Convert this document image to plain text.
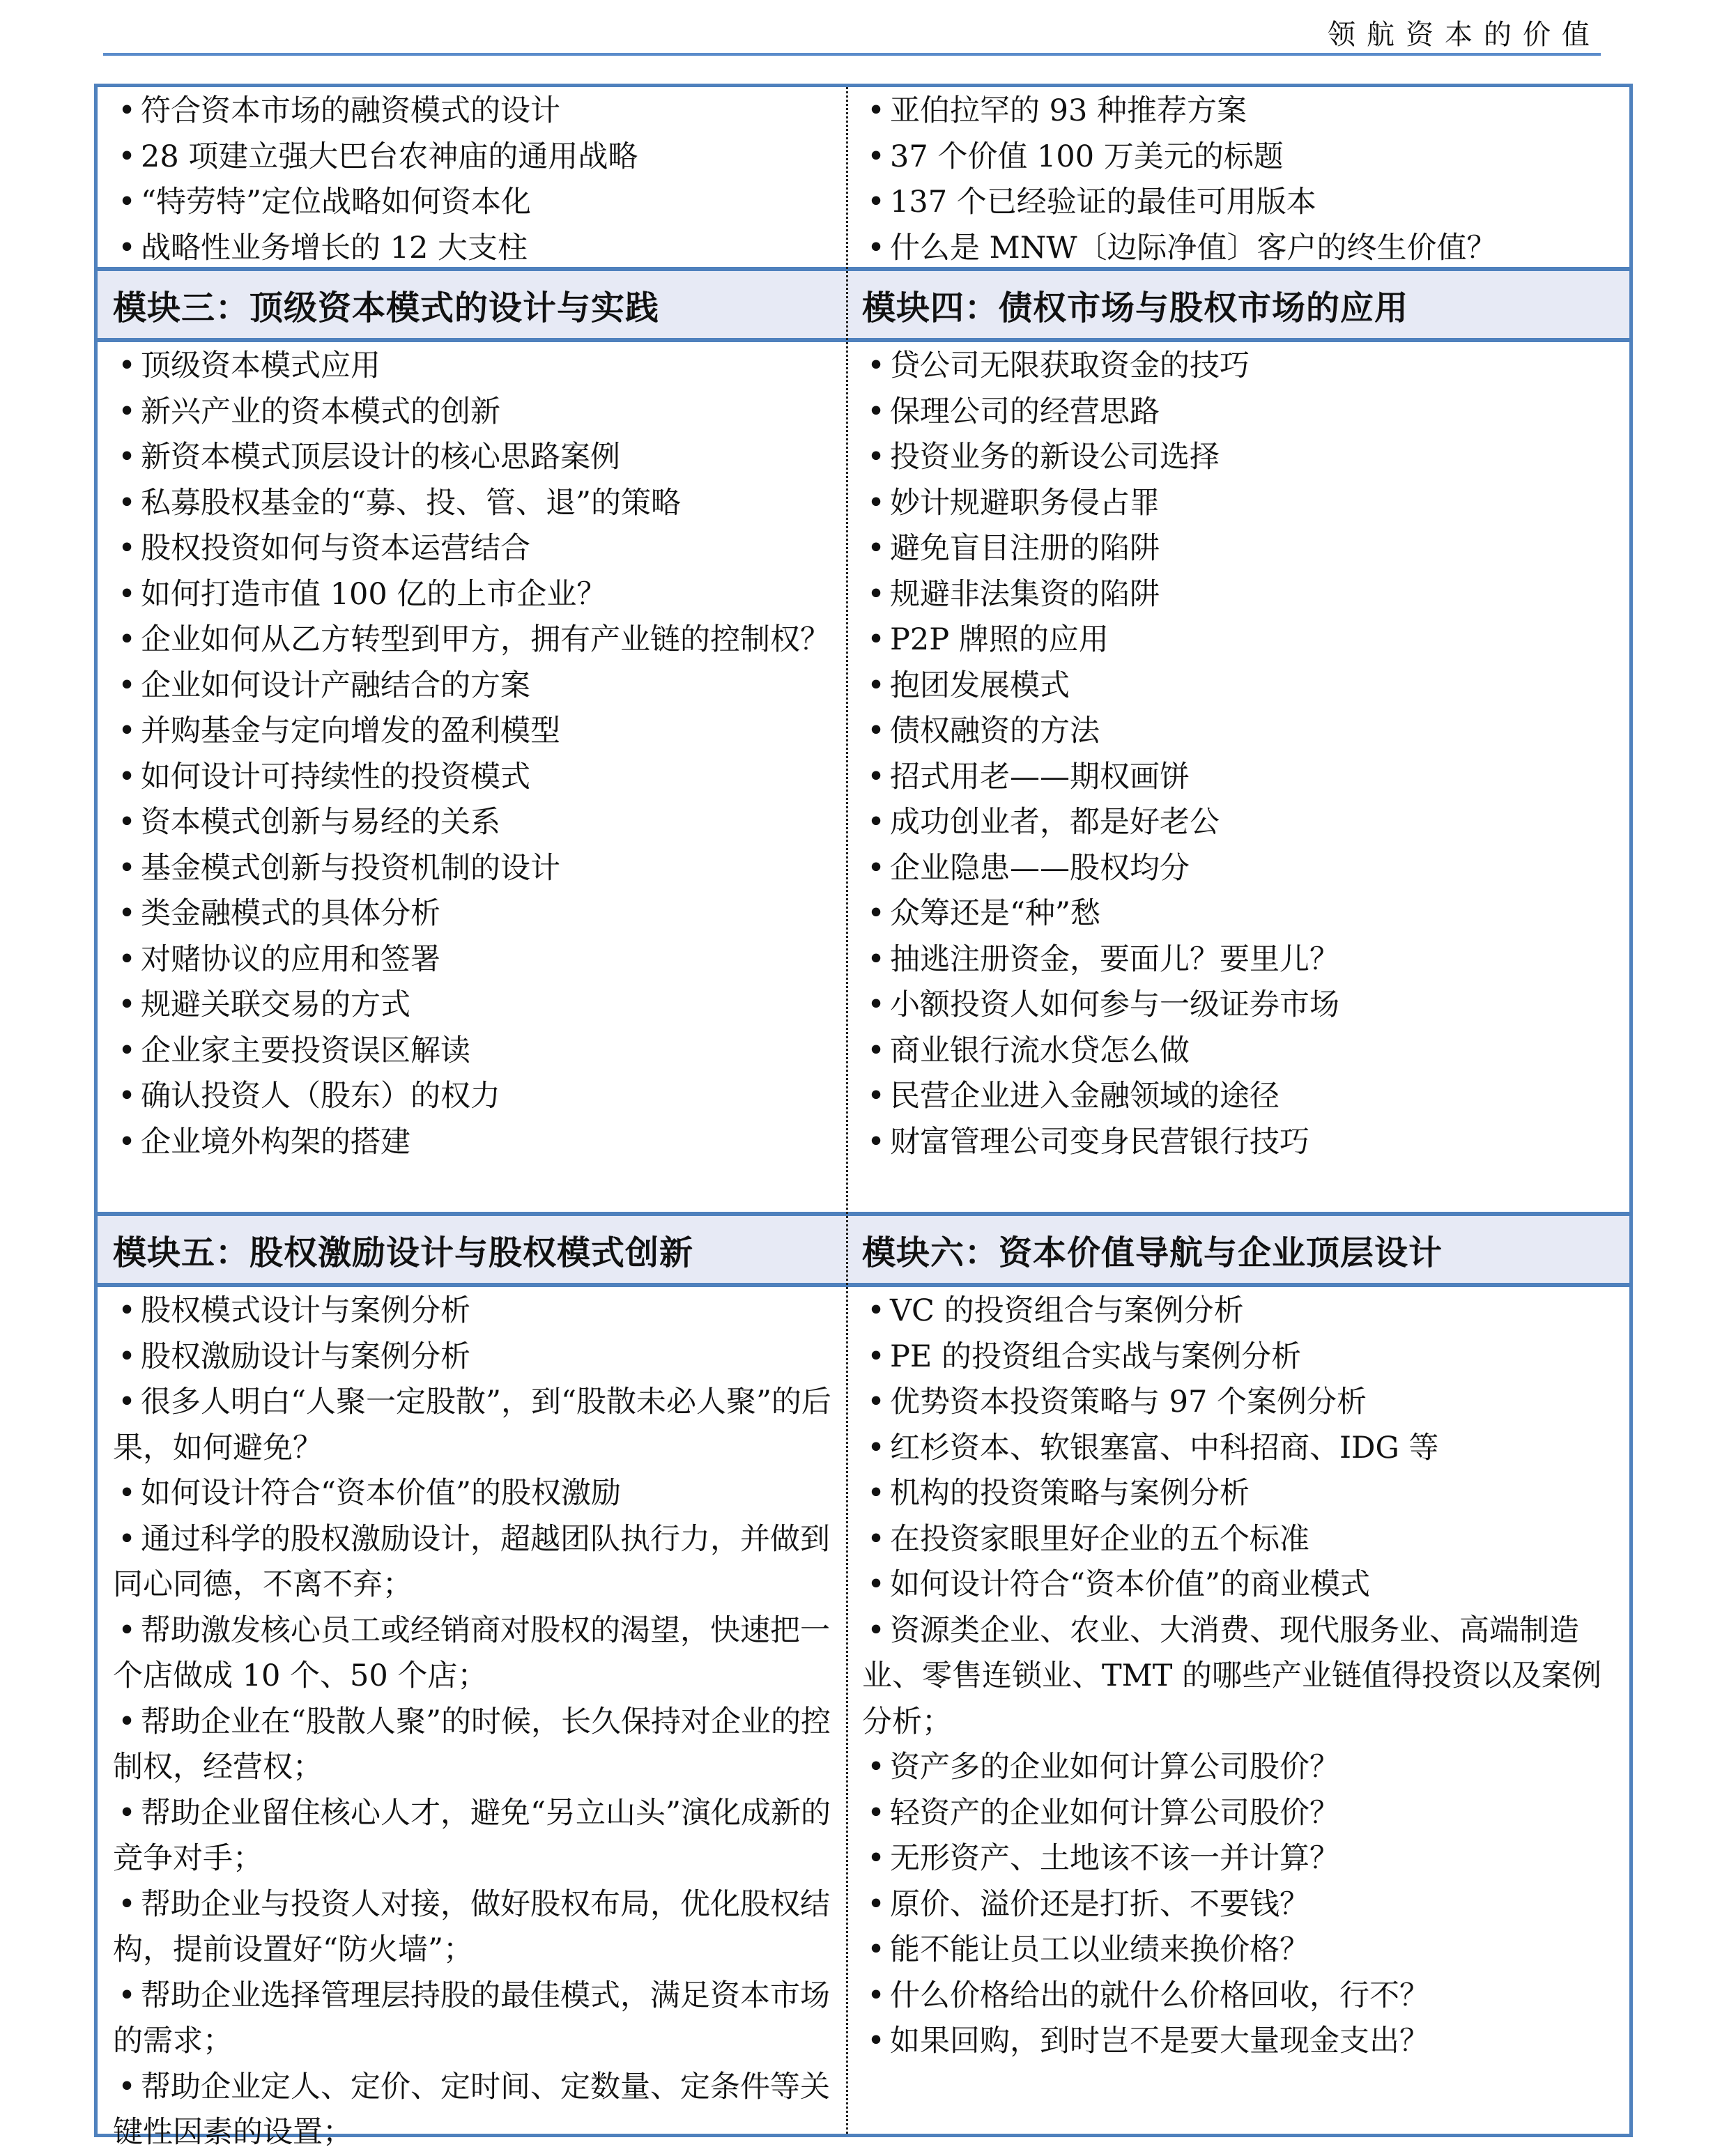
领航资本的价值
• 符合资本市场的融资模式的设计
• 28 项建立强大巴台农神庙的通用战略
• “特劳特”定位战略如何资本化
• 战略性业务增长的 12 大支柱
• 亚伯拉罕的 93 种推荐方案
• 37 个价值 100 万美元的标题
• 137 个已经验证的最佳可用版本
• 什么是 MNW〔边际净值〕客户的终生价值？
模块三：顶级资本模式的设计与实践	模块四：债权市场与股权市场的应用
• 顶级资本模式应用
• 新兴产业的资本模式的创新
• 新资本模式顶层设计的核心思路案例
• 私募股权基金的“募、投、管、退”的策略
• 股权投资如何与资本运营结合
• 如何打造市值 100 亿的上市企业？
• 企业如何从乙方转型到甲方，拥有产业链的控制权？
• 企业如何设计产融结合的方案
• 并购基金与定向增发的盈利模型
• 如何设计可持续性的投资模式
• 资本模式创新与易经的关系
• 基金模式创新与投资机制的设计
• 类金融模式的具体分析
• 对赌协议的应用和签署
• 规避关联交易的方式
• 企业家主要投资误区解读
• 确认投资人（股东）的权力
• 企业境外构架的搭建
• 贷公司无限获取资金的技巧
• 保理公司的经营思路
• 投资业务的新设公司选择
• 妙计规避职务侵占罪
• 避免盲目注册的陷阱
• 规避非法集资的陷阱
• P2P 牌照的应用
• 抱团发展模式
• 债权融资的方法
• 招式用老——期权画饼
• 成功创业者，都是好老公
• 企业隐患——股权均分
• 众筹还是“种”愁
• 抽逃注册资金，要面儿？要里儿？
• 小额投资人如何参与一级证券市场
• 商业银行流水贷怎么做
• 民营企业进入金融领域的途径
• 财富管理公司变身民营银行技巧
模块五：股权激励设计与股权模式创新	模块六：资本价值导航与企业顶层设计
• 股权模式设计与案例分析
• 股权激励设计与案例分析
• 很多人明白“人聚一定股散”，到“股散未必人聚”的后果，如何避免？
• 如何设计符合“资本价值”的股权激励
• 通过科学的股权激励设计，超越团队执行力，并做到同心同德，不离不弃；
• 帮助激发核心员工或经销商对股权的渴望，快速把一个店做成 10 个、50 个店；
• 帮助企业在“股散人聚”的时候，长久保持对企业的控制权，经营权；
• 帮助企业留住核心人才，避免“另立山头”演化成新的竞争对手；
• 帮助企业与投资人对接，做好股权布局，优化股权结构，提前设置好“防火墙”；
• 帮助企业选择管理层持股的最佳模式，满足资本市场的需求；
• 帮助企业定人、定价、定时间、定数量、定条件等关键性因素的设置；
• VC 的投资组合与案例分析
• PE 的投资组合实战与案例分析
• 优势资本投资策略与 97 个案例分析
• 红杉资本、软银塞富、中科招商、IDG 等
• 机构的投资策略与案例分析
• 在投资家眼里好企业的五个标准
• 如何设计符合“资本价值”的商业模式
• 资源类企业、农业、大消费、现代服务业、高端制造业、零售连锁业、TMT 的哪些产业链值得投资以及案例分析；
• 资产多的企业如何计算公司股价？
• 轻资产的企业如何计算公司股价？
• 无形资产、土地该不该一并计算？
• 原价、溢价还是打折、不要钱？
• 能不能让员工以业绩来换价格？
• 什么价格给出的就什么价格回收，行不？
• 如果回购，到时岂不是要大量现金支出？
